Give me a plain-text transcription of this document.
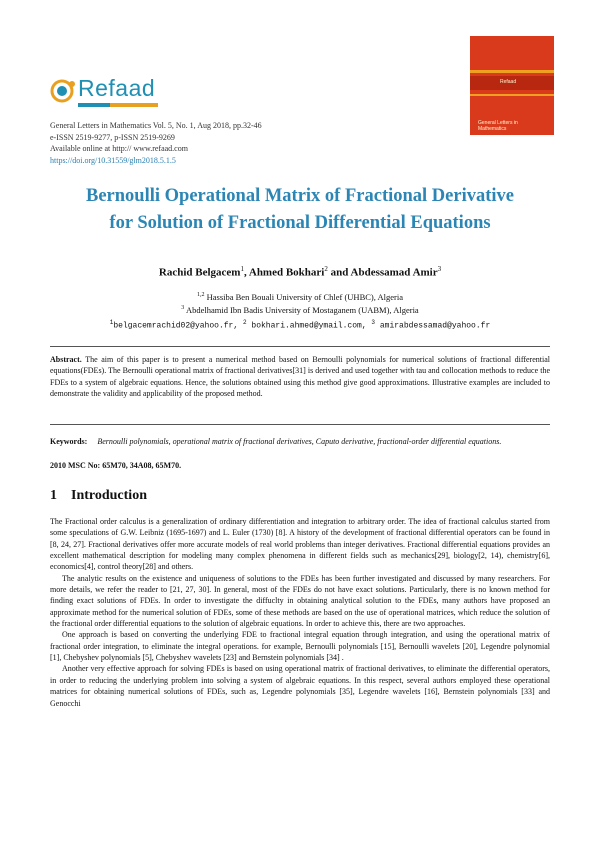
Refaad
General Letters in
Mathematics
Refaad
General Letters in Mathematics Vol. 5, No. 1, Aug 2018, pp.32-46
e-ISSN 2519-9277, p-ISSN 2519-9269
Available online at http:// www.refaad.com
https://doi.org/10.31559/glm2018.5.1.5
Bernoulli Operational Matrix of Fractional Derivative
for Solution of Fractional Differential Equations
Rachid Belgacem$^1$, Ahmed Bokhari$^2$ and Abdessamad Amir$^3$
$^{1,2}$ Hassiba Ben Bouali University of Chlef (UHBC), Algeria
$^3$ Abdelhamid Ibn Badis University of Mostaganem (UABM), Algeria
$^1$belgacemrachid02@yahoo.fr, $^2$ bokhari.ahmed@ymail.com, $^3$ amirabdessamad@yahoo.fr
Abstract. The aim of this paper is to present a numerical method based on Bernoulli polynomials for numerical solutions of fractional differential equations(FDEs). The Bernoulli operational matrix of fractional derivatives[31] is derived and used together with tau and collocation methods to reduce the FDEs to a system of algebraic equations. Hence, the solutions obtained using this method give good approximations. Illustrative examples are included to demonstrate the validity and applicability of the proposed method.
Keywords: Bernoulli polynomials, operational matrix of fractional derivatives, Caputo derivative, fractional-order differential equations.
2010 MSC No: 65M70, 34A08, 65M70.
1 Introduction

The Fractional order calculus is a generalization of ordinary differentiation and integration to arbitrary order. The idea of fractional calculus started from some speculations of G.W. Leibniz (1695-1697) and L. Euler (1730) [8]. A history of the development of fractional differential operators can be found in [8, 24, 27]. Fractional derivatives offer more accurate models of real world problems than integer derivatives. Fractional differential equations provides an excellent mathematical description for modeling many complex phenomena in different fields such as mechanics[29], biology[2, 14), chemistry[6], economics[4], control theory[28] and others.

The analytic results on the existence and uniqueness of solutions to the FDEs has been further investigated and discussed by many researchers. For more details, we refer the reader to [21, 27, 30]. In general, most of the FDEs do not have exact solutions. Particularly, there is no known method for finding exact solutions of FDEs. In order to investigate the diffuclty in obtaining analytical solution to the FDEs, many authors have proposed an approximate method for the numerical solution of FDEs, some of these methods are based on the use of operational matrices, which reduce the solution of the fractional order differential equations to the solution of algebraic equations. In order to achieve this, there are two approaches.

One approach is based on converting the underlying FDE to fractional integral equation through integration, and using the operational matrix of fractional order integration, to eliminate the integral operations. for example, Bernoulli polynomials [15], Bernoulli wavelets [20], Legendre polynomial [1], Chebyshev polynomials [5], Chebyshev wavelets [23] and Bernstein polynomials [34] .

Another very effective approach for solving FDEs is based on using operational matrix of fractional derivatives, to eliminate the differential operators, in order to reducing the underlying problem into solving a system of algebraic equations. In this respect, several authors employed these operational matrices for obtaining numerical solutions of FDEs, such as, Legendre polynomials [35], Legendre wavelets [16], Bernstein polynomials [33] and Genocchi
